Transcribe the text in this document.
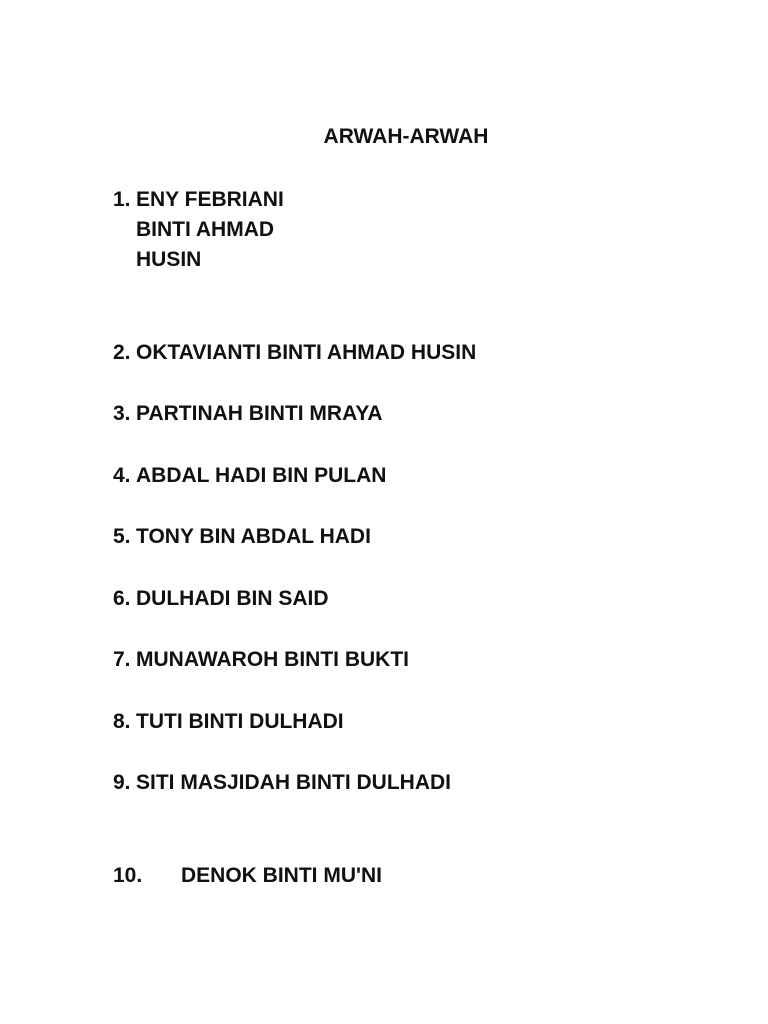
ARWAH-ARWAH
1. ENY FEBRIANI
BINTI AHMAD
HUSIN
2. OKTAVIANTI BINTI AHMAD HUSIN
3. PARTINAH BINTI MRAYA
4. ABDAL HADI BIN PULAN
5. TONY BIN ABDAL HADI
6. DULHADI BIN SAID
7. MUNAWAROH BINTI BUKTI
8. TUTI BINTI DULHADI
9. SITI MASJIDAH BINTI DULHADI
10. DENOK BINTI MU'NI
